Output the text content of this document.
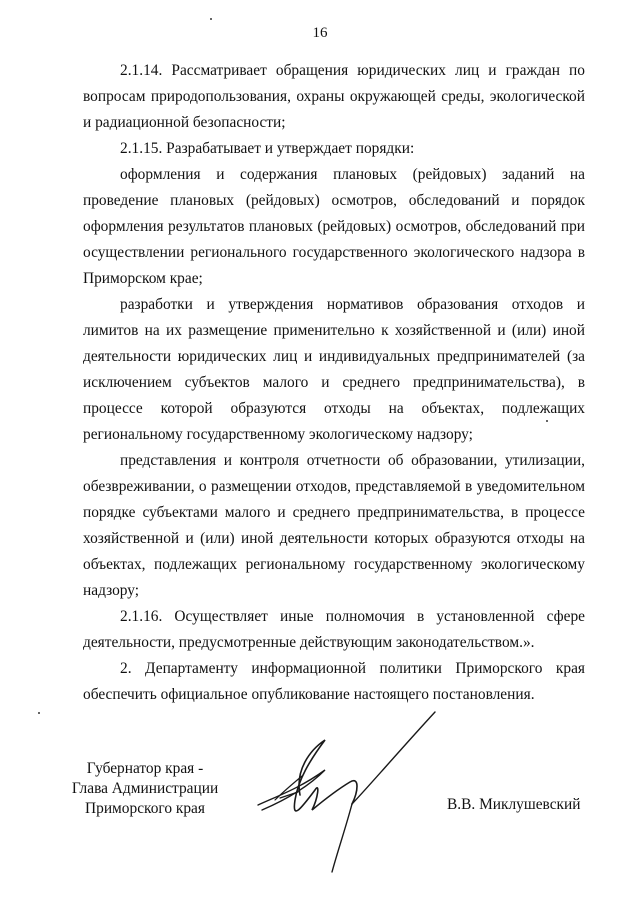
16

2.1.14. Рассматривает обращения юридических лиц и граждан по вопросам природопользования, охраны окружающей среды, экологической и радиационной безопасности;

2.1.15. Разрабатывает и утверждает порядки:

оформления и содержания плановых (рейдовых) заданий на проведение плановых (рейдовых) осмотров, обследований и порядок оформления результатов плановых (рейдовых) осмотров, обследований при осуществлении регионального государственного экологического надзора в Приморском крае;

разработки и утверждения нормативов образования отходов и лимитов на их размещение применительно к хозяйственной и (или) иной деятельности юридических лиц и индивидуальных предпринимателей (за исключением субъектов малого и среднего предпринимательства), в процессе которой образуются отходы на объектах, подлежащих региональному государственному экологическому надзору;

представления и контроля отчетности об образовании, утилизации, обезвреживании, о размещении отходов, представляемой в уведомительном порядке субъектами малого и среднего предпринимательства, в процессе хозяйственной и (или) иной деятельности которых образуются отходы на объектах, подлежащих региональному государственному экологическому надзору;

2.1.16. Осуществляет иные полномочия в установленной сфере деятельности, предусмотренные действующим законодательством.».

2. Департаменту информационной политики Приморского края обеспечить официальное опубликование настоящего постановления.

Губернатор края -
Глава Администрации
Приморского края	В.В. Миклушевский
